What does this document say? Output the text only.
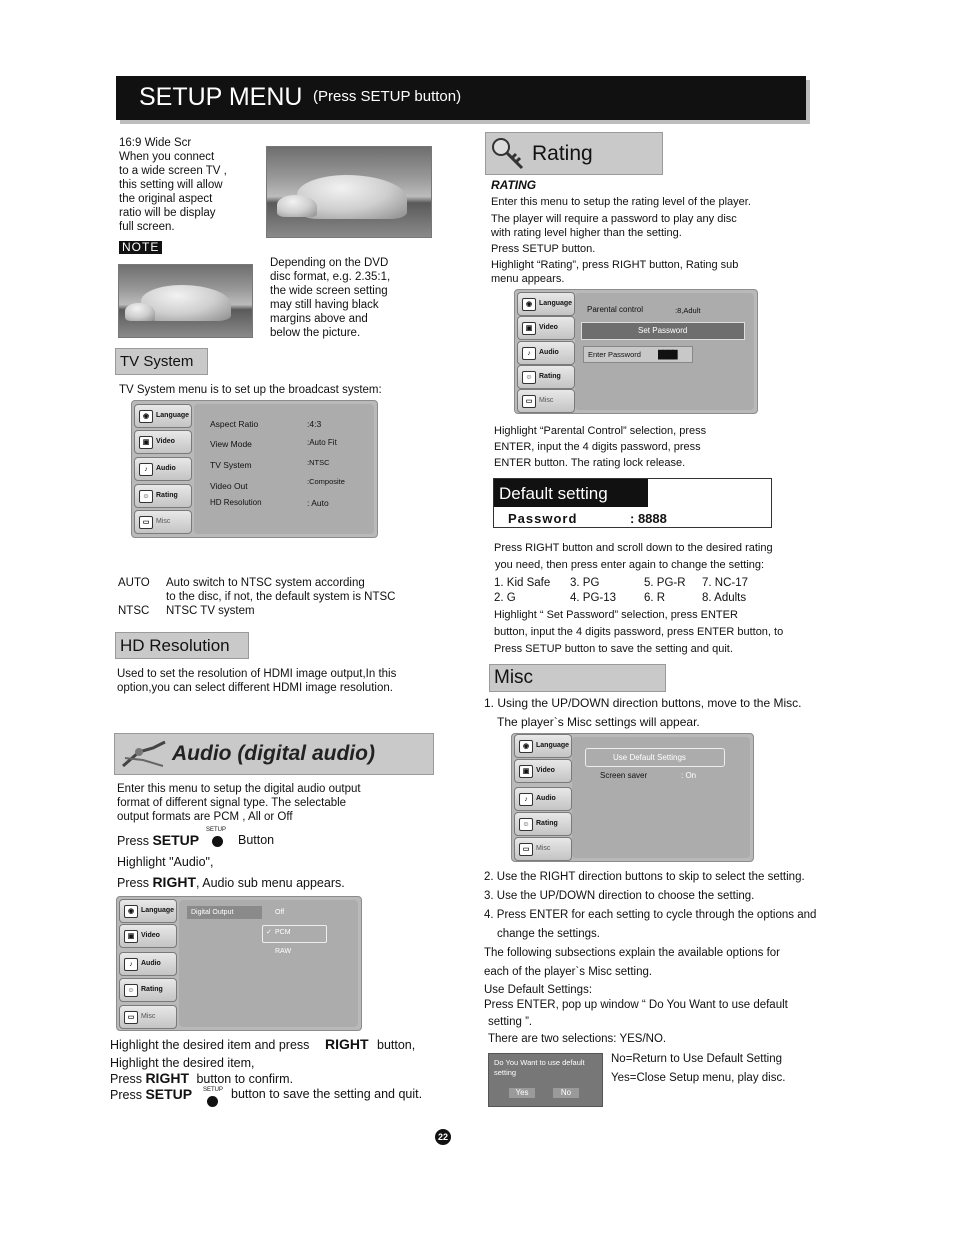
SETUP MENU (Press SETUP button)
16:9 Wide Scr
When you connect
to a wide screen TV ,
this setting will allow
the original aspect
ratio will be display
full screen.
NOTE
Depending on the DVD
disc format, e.g. 2.35:1,
the wide screen setting
may still having black
margins above and
below the picture.
TV System
TV System menu is to set up the broadcast system:
◉ Language
▣ Video
♪	Audio
☺ Rating
▭ Misc
Aspect Ratio	:4:3
View Mode	:Auto Fit
TV System	:NTSC
Video Out	:Composite
HD Resolution	: Auto
AUTO Auto switch to NTSC system according
to the disc, if not, the default system is NTSC
NTSC NTSC TV system
HD Resolution
Used to set the resolution of HDMI image output,In this
option,you can select different HDMI image resolution.
Audio (digital audio)
Enter this menu to setup the digital audio output
format of different signal type. The selectable
output formats are PCM , All or Off
Press SETUP
SETUP
Button
Highlight "Audio",
Press RIGHT, Audio sub menu appears.
◉ Language
▣ Video
♪	Audio
☺ Rating
▭ Misc
Digital Output	Off
✓ PCM
RAW
Highlight the desired item and press RIGHT button,
Highlight the desired item,
Press RIGHT button to confirm.
Press SETUP SETUP button to save the setting and quit.
Rating
RATING
Enter this menu to setup the rating level of the player.
The player will require a password to play any disc
with rating level higher than the setting.
Press SETUP button.
Highlight “Rating”, press RIGHT button, Rating sub
menu appears.
◉ Language
▣ Video
♪	Audio
☺ Rating
▭ Misc
Parental control	:8,Adult
Set Password
Enter Password ████
Highlight “Parental Control” selection, press
ENTER, input the 4 digits password, press
ENTER button. The rating lock release.
Default setting
Password	: 8888
Press RIGHT button and scroll down to the desired rating
you need, then press enter again to change the setting:
1. Kid Safe 3. PG	5. PG-R 7. NC-17
2. G	4. PG-13 6. R	8. Adults
Highlight “ Set Password” selection, press ENTER
button, input the 4 digits password, press ENTER button, to
Press SETUP button to save the setting and quit.
Misc
1. Using the UP/DOWN direction buttons, move to the Misc.
The player`s Misc settings will appear.
◉ Language
▣ Video
♪	Audio
☺ Rating
▭ Misc
Use Default Settings
Screen saver	: On
2. Use the RIGHT direction buttons to skip to select the setting.
3. Use the UP/DOWN direction to choose the setting.
4. Press ENTER for each setting to cycle through the options and
change the settings.
The following subsections explain the available options for
each of the player`s Misc setting.
Use Default Settings:
Press ENTER, pop up window “ Do You Want to use default
setting ”.
There are two selections: YES/NO.
Do You Want to use default setting
Yes	No
No=Return to Use Default Setting
Yes=Close Setup menu, play disc.
22
